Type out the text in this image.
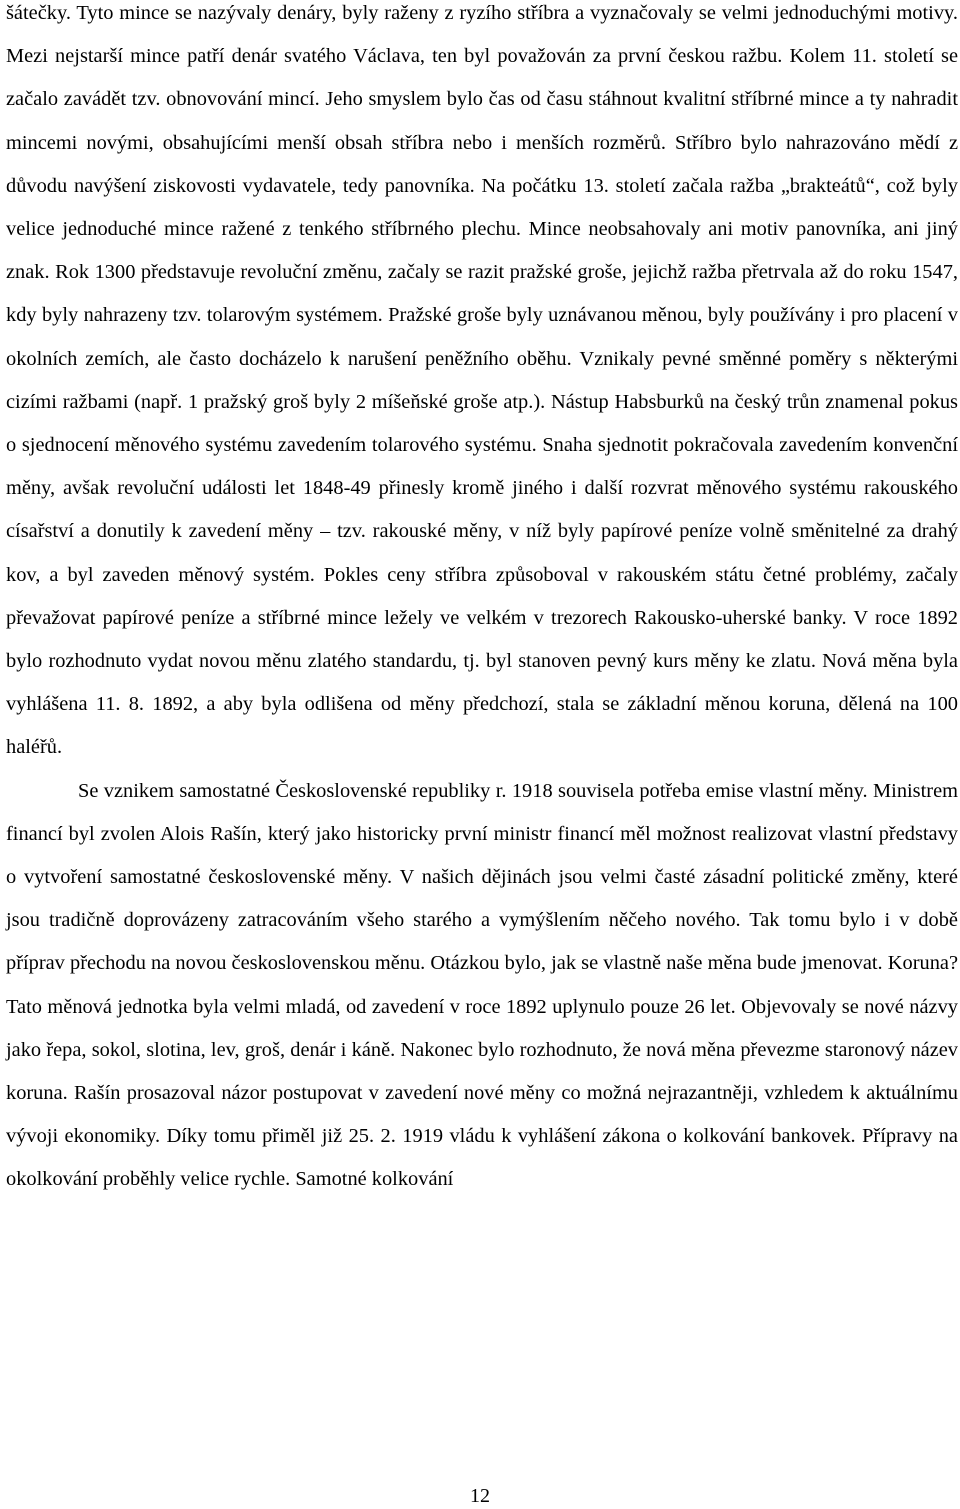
šátečky. Tyto mince se nazývaly denáry, byly raženy z ryzího stříbra a vyznačovaly se velmi jednoduchými motivy. Mezi nejstarší mince patří denár svatého Václava, ten byl považován za první českou ražbu. Kolem 11. století se začalo zavádět tzv. obnovování mincí. Jeho smyslem bylo čas od času stáhnout kvalitní stříbrné mince a ty nahradit mincemi novými, obsahujícími menší obsah stříbra nebo i menších rozměrů. Stříbro bylo nahrazováno mědí z důvodu navýšení ziskovosti vydavatele, tedy panovníka. Na počátku 13. století začala ražba „brakteátů“, což byly velice jednoduché mince ražené z tenkého stříbrného plechu. Mince neobsahovaly ani motiv panovníka, ani jiný znak. Rok 1300 představuje revoluční změnu, začaly se razit pražské groše, jejichž ražba přetrvala až do roku 1547, kdy byly nahrazeny tzv. tolarovým systémem. Pražské groše byly uznávanou měnou, byly používány i pro placení v okolních zemích, ale často docházelo k narušení peněžního oběhu. Vznikaly pevné směnné poměry s některými cizími ražbami (např. 1 pražský groš byly 2 míšeňské groše atp.). Nástup Habsburků na český trůn znamenal pokus o sjednocení měnového systému zavedením tolarového systému. Snaha sjednotit pokračovala zavedením konvenční měny, avšak revoluční události let 1848-49 přinesly kromě jiného i další rozvrat měnového systému rakouského císařství a donutily k zavedení měny – tzv. rakouské měny, v níž byly papírové peníze volně směnitelné za drahý kov, a byl zaveden měnový systém. Pokles ceny stříbra způsoboval v rakouském státu četné problémy, začaly převažovat papírové peníze a stříbrné mince ležely ve velkém v trezorech Rakousko-uherské banky. V roce 1892 bylo rozhodnuto vydat novou měnu zlatého standardu, tj. byl stanoven pevný kurs měny ke zlatu. Nová měna byla vyhlášena 11. 8. 1892, a aby byla odlišena od měny předchozí, stala se základní měnou koruna, dělená na 100 haléřů.

Se vznikem samostatné Československé republiky r. 1918 souvisela potřeba emise vlastní měny. Ministrem financí byl zvolen Alois Rašín, který jako historicky první ministr financí měl možnost realizovat vlastní představy o vytvoření samostatné československé měny. V našich dějinách jsou velmi časté zásadní politické změny, které jsou tradičně doprovázeny zatracováním všeho starého a vymýšlením něčeho nového. Tak tomu bylo i v době příprav přechodu na novou československou měnu. Otázkou bylo, jak se vlastně naše měna bude jmenovat. Koruna? Tato měnová jednotka byla velmi mladá, od zavedení v roce 1892 uplynulo pouze 26 let. Objevovaly se nové názvy jako řepa, sokol, slotina, lev, groš, denár i káně. Nakonec bylo rozhodnuto, že nová měna převezme staronový název koruna. Rašín prosazoval názor postupovat v zavedení nové měny co možná nejrazantněji, vzhledem k aktuálnímu vývoji ekonomiky. Díky tomu přiměl již 25. 2. 1919 vládu k vyhlášení zákona o kolkování bankovek. Přípravy na okolkování proběhly velice rychle. Samotné kolkování

12
